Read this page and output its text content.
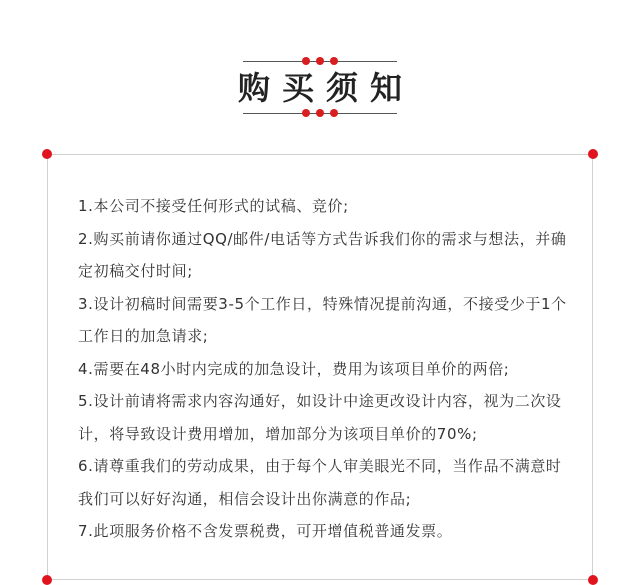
购买须知

1.本公司不接受任何形式的试稿、竞价;

2.购买前请你通过QQ/邮件/电话等方式告诉我们你的需求与想法，并确定初稿交付时间;

3.设计初稿时间需要3-5个工作日，特殊情况提前沟通，不接受少于1个工作日的加急请求;

4.需要在48小时内完成的加急设计，费用为该项目单价的两倍;

5.设计前请将需求内容沟通好，如设计中途更改设计内容，视为二次设计，将导致设计费用增加，增加部分为该项目单价的70%;

6.请尊重我们的劳动成果，由于每个人审美眼光不同，当作品不满意时我们可以好好沟通，相信会设计出你满意的作品;

7.此项服务价格不含发票税费，可开增值税普通发票。
